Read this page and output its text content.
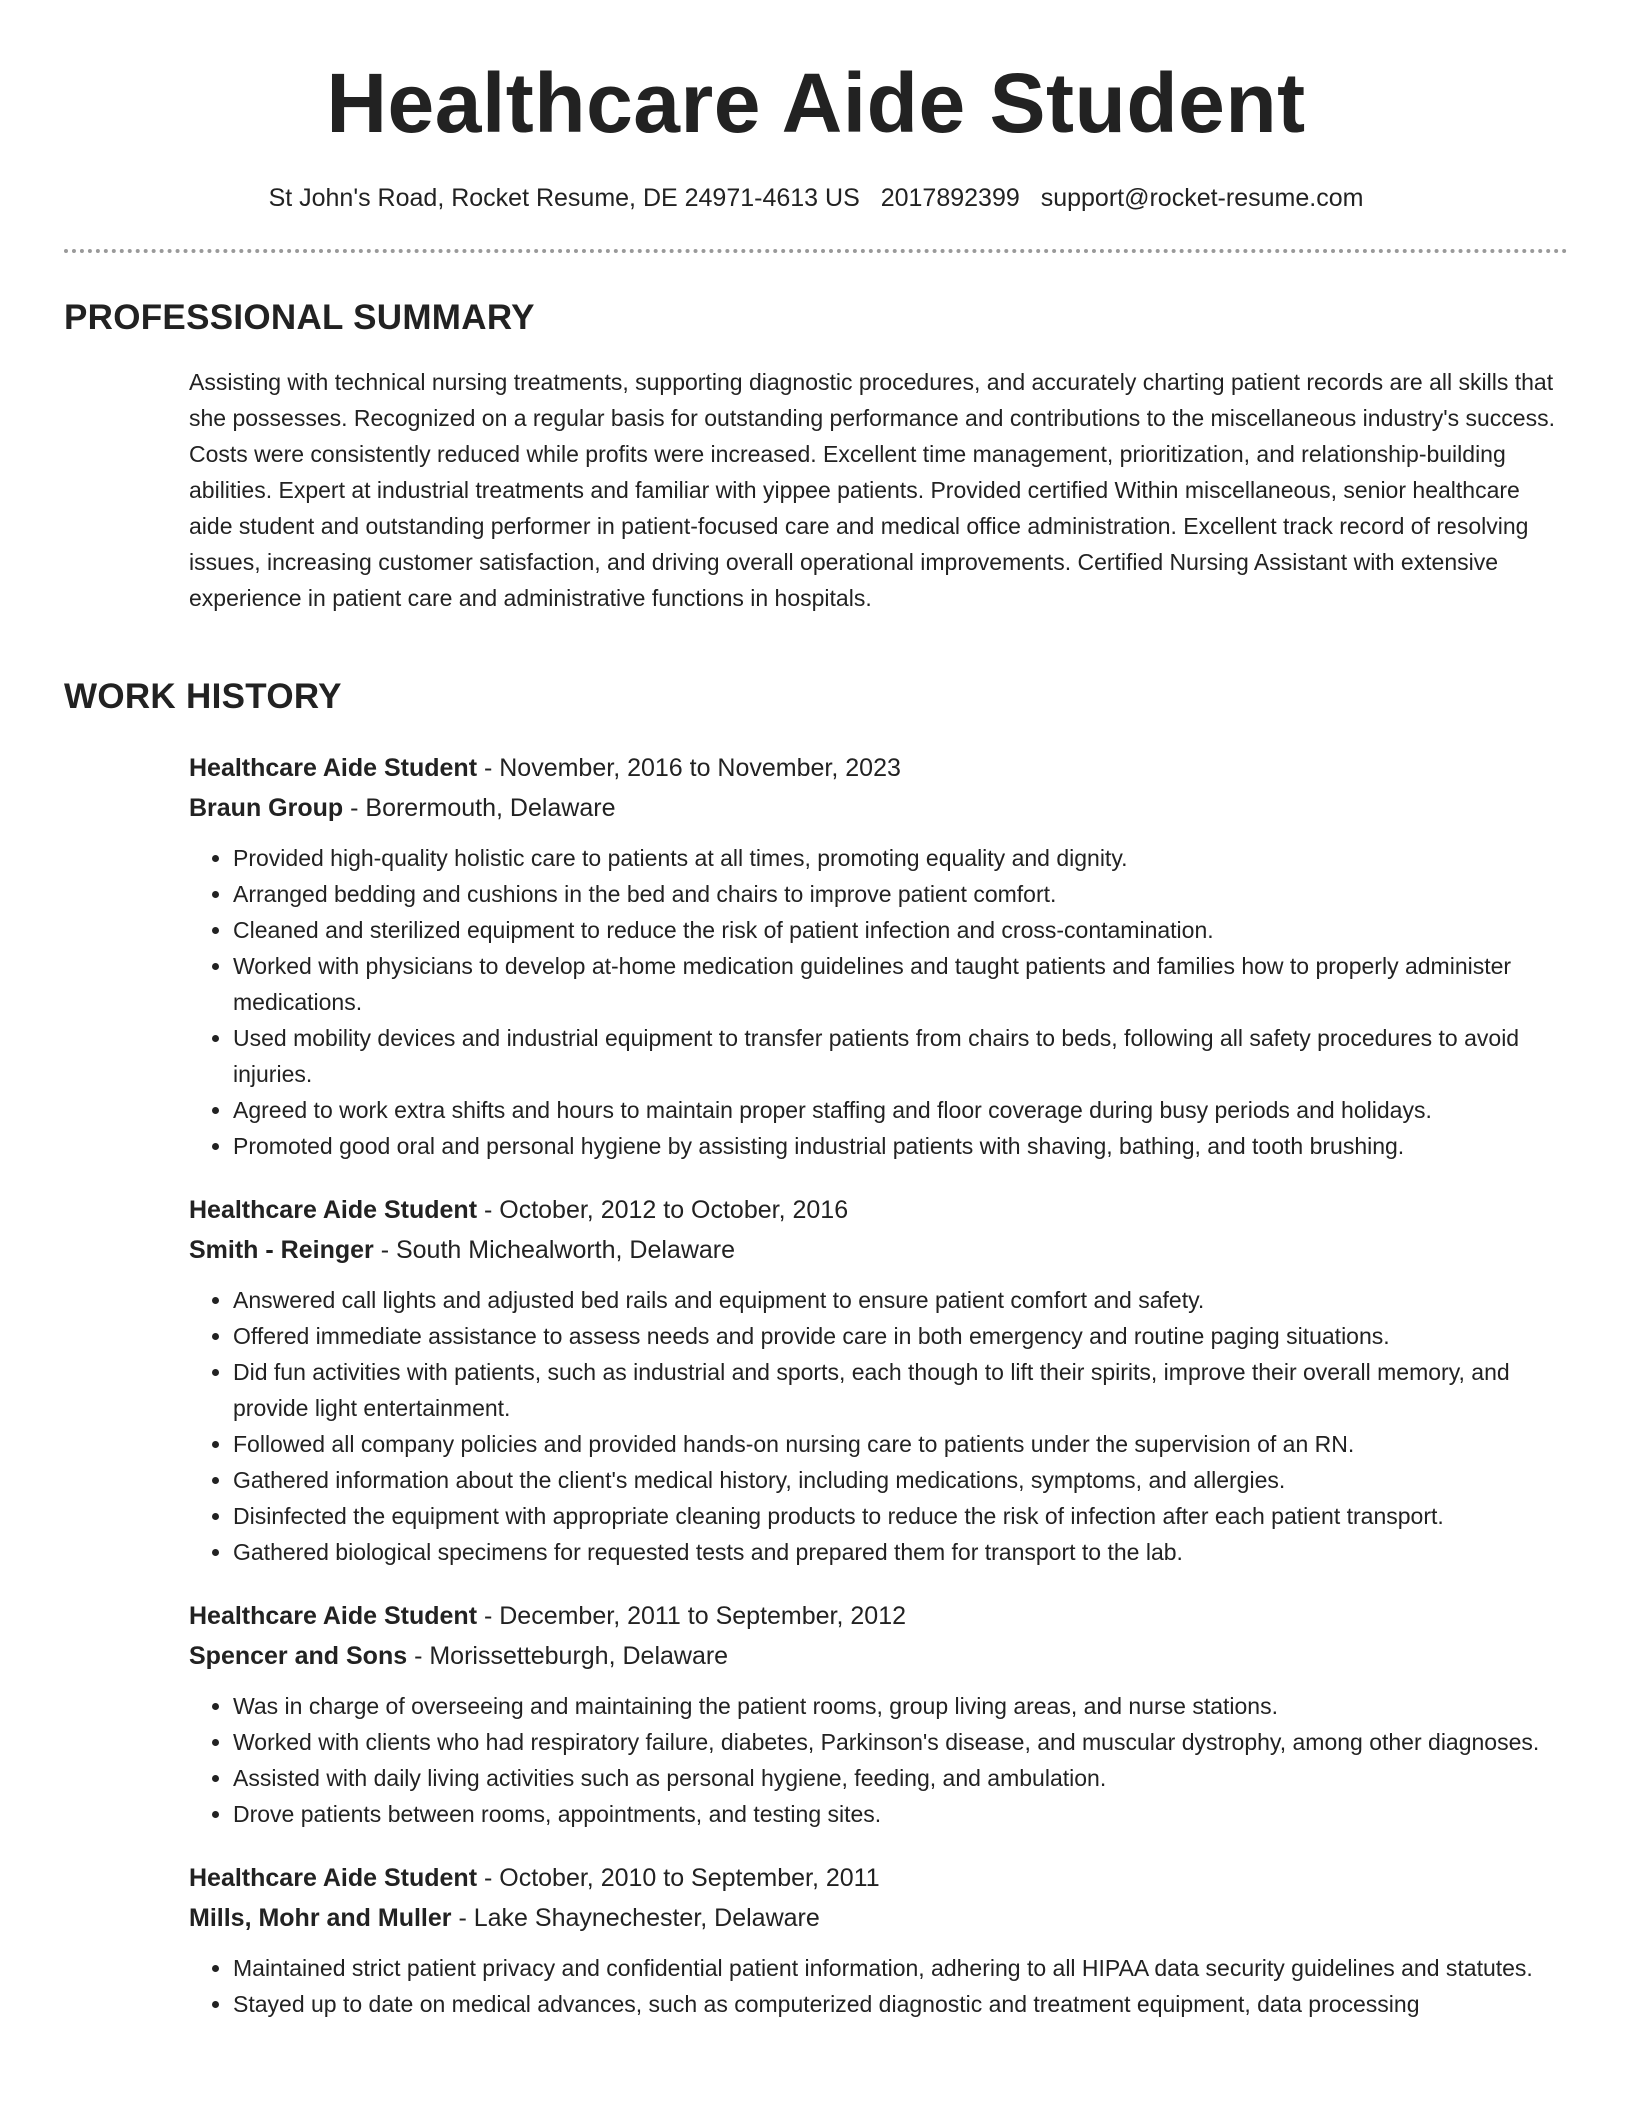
Healthcare Aide Student
St John's Road, Rocket Resume, DE 24971-4613 US 2017892399 support@rocket-resume.com
PROFESSIONAL SUMMARY
Assisting with technical nursing treatments, supporting diagnostic procedures, and accurately charting patient records are all skills that she possesses. Recognized on a regular basis for outstanding performance and contributions to the miscellaneous industry's success. Costs were consistently reduced while profits were increased. Excellent time management, prioritization, and relationship-building abilities. Expert at industrial treatments and familiar with yippee patients. Provided certified Within miscellaneous, senior healthcare aide student and outstanding performer in patient-focused care and medical office administration. Excellent track record of resolving issues, increasing customer satisfaction, and driving overall operational improvements. Certified Nursing Assistant with extensive experience in patient care and administrative functions in hospitals.
WORK HISTORY
Healthcare Aide Student - November, 2016 to November, 2023
Braun Group - Borermouth, Delaware
• Provided high-quality holistic care to patients at all times, promoting equality and dignity.
• Arranged bedding and cushions in the bed and chairs to improve patient comfort.
• Cleaned and sterilized equipment to reduce the risk of patient infection and cross-contamination.
• Worked with physicians to develop at-home medication guidelines and taught patients and families how to properly administer medications.
• Used mobility devices and industrial equipment to transfer patients from chairs to beds, following all safety procedures to avoid injuries.
• Agreed to work extra shifts and hours to maintain proper staffing and floor coverage during busy periods and holidays.
• Promoted good oral and personal hygiene by assisting industrial patients with shaving, bathing, and tooth brushing.
Healthcare Aide Student - October, 2012 to October, 2016
Smith - Reinger - South Michealworth, Delaware
• Answered call lights and adjusted bed rails and equipment to ensure patient comfort and safety.
• Offered immediate assistance to assess needs and provide care in both emergency and routine paging situations.
• Did fun activities with patients, such as industrial and sports, each though to lift their spirits, improve their overall memory, and provide light entertainment.
• Followed all company policies and provided hands-on nursing care to patients under the supervision of an RN.
• Gathered information about the client's medical history, including medications, symptoms, and allergies.
• Disinfected the equipment with appropriate cleaning products to reduce the risk of infection after each patient transport.
• Gathered biological specimens for requested tests and prepared them for transport to the lab.
Healthcare Aide Student - December, 2011 to September, 2012
Spencer and Sons - Morissetteburgh, Delaware
• Was in charge of overseeing and maintaining the patient rooms, group living areas, and nurse stations.
• Worked with clients who had respiratory failure, diabetes, Parkinson's disease, and muscular dystrophy, among other diagnoses.
• Assisted with daily living activities such as personal hygiene, feeding, and ambulation.
• Drove patients between rooms, appointments, and testing sites.
Healthcare Aide Student - October, 2010 to September, 2011
Mills, Mohr and Muller - Lake Shaynechester, Delaware
• Maintained strict patient privacy and confidential patient information, adhering to all HIPAA data security guidelines and statutes.
• Stayed up to date on medical advances, such as computerized diagnostic and treatment equipment, data processing
